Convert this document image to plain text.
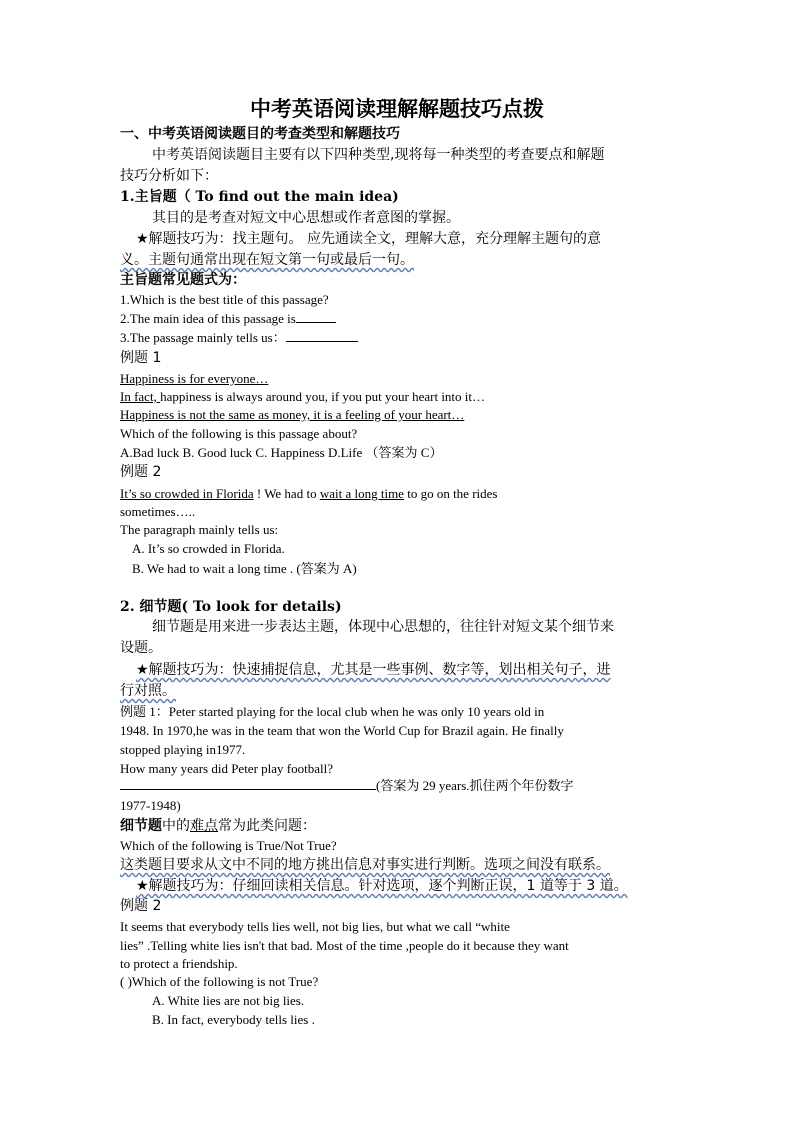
中考英语阅读理解解题技巧点拨
一、中考英语阅读题目的考查类型和解题技巧
中考英语阅读题目主要有以下四种类型,现将每一种类型的考查要点和解题
技巧分析如下：
1.主旨题（ To find out the main idea)
其目的是考查对短文中心思想或作者意图的掌握。
★解题技巧为：找主题句。 应先通读全文，理解大意，充分理解主题句的意
义。主题句通常出现在短文第一句或最后一句。
主旨题常见题式为：
1.Which is the best title of this passage?
2.The main idea of this passage is
3.The passage mainly tells us：
例题 1
Happiness is for everyone…
In fact, happiness is always around you, if you put your heart into it…
Happiness is not the same as money, it is a feeling of your heart…
Which of the following is this passage about?
A.Bad luck B. Good luck C. Happiness D.Life （答案为 C）
例题 2
It’s so crowded in Florida ! We had to wait a long time to go on the rides
sometimes…..
The paragraph mainly tells us:
A. It’s so crowded in Florida.
B. We had to wait a long time . (答案为 A)
2. 细节题( To look for details)
细节题是用来进一步表达主题，体现中心思想的，往往针对短文某个细节来
设题。
★解题技巧为：快速捕捉信息，尤其是一些事例、数字等，划出相关句子，进
行对照。
例题 1：Peter started playing for the local club when he was only 10 years old in
1948. In 1970,he was in the team that won the World Cup for Brazil again. He finally
stopped playing in1977.
How many years did Peter play football?
(答案为 29 years.抓住两个年份数字
1977-1948)
细节题中的难点常为此类问题：
Which of the following is True/Not True?
这类题目要求从文中不同的地方挑出信息对事实进行判断。选项之间没有联系。
★解题技巧为：仔细回读相关信息。针对选项，逐个判断正误，1 道等于 3 道。
例题 2
It seems that everybody tells lies well, not big lies, but what we call “white
lies” .Telling white lies isn't that bad. Most of the time ,people do it because they want
to protect a friendship.
( )Which of the following is not True?
A. White lies are not big lies.
B. In fact, everybody tells lies .
